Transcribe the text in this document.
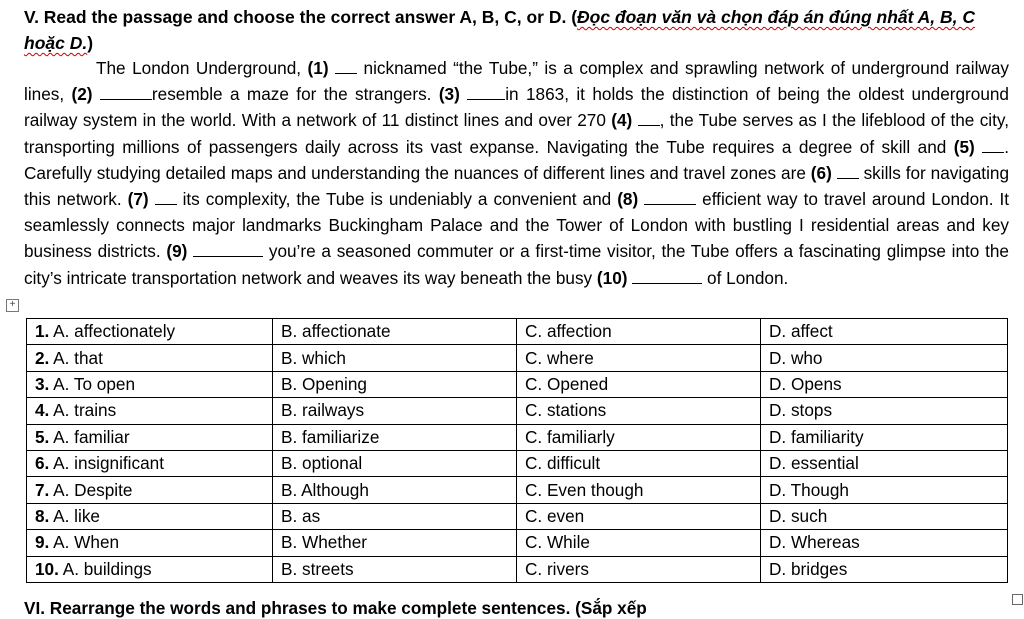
V. Read the passage and choose the correct answer A, B, C, or D. (Đọc đoạn văn và chọn đáp án đúng nhất A, B, C hoặc D.)

The London Underground, (1)  nicknamed “the Tube,” is a complex and sprawling network of underground railway lines, (2)	resemble a maze for the strangers. (3)	in 1863, it holds the distinction of being the oldest underground railway system in the world. With a network of 11 distinct lines and over 270 (4) , the Tube serves as I the lifeblood of the city, transporting millions of passengers daily across its vast expanse. Navigating the Tube requires a degree of skill and (5) . Carefully studying detailed maps and understanding the nuances of different lines and travel zones are (6)  skills for navigating this network. (7)  its complexity, the Tube is undeniably a convenient and (8)	efficient way to travel around London. It seamlessly connects major landmarks Buckingham Palace and the Tower of London with bustling I residential areas and key business districts. (9)	you’re a seasoned commuter or a first-time visitor, the Tube offers a fascinating glimpse into the city’s intricate transportation network and weaves its way beneath the busy (10)	of London.

+
1. A. affectionately	B. affectionate	C. affection	D. affect
2. A. that	B. which	C. where	D. who
3. A. To open	B. Opening	C. Opened	D. Opens
4. A. trains	B. railways	C. stations	D. stops
5. A. familiar	B. familiarize	C. familiarly	D. familiarity
6. A. insignificant	B. optional	C. difficult	D. essential
7. A. Despite	B. Although	C. Even though	D. Though
8. A. like	B. as	C. even	D. such
9. A. When	B. Whether	C. While	D. Whereas
10. A. buildings	B. streets	C. rivers	D. bridges
VI. Rearrange the words and phrases to make complete sentences. (Sắp xếp
